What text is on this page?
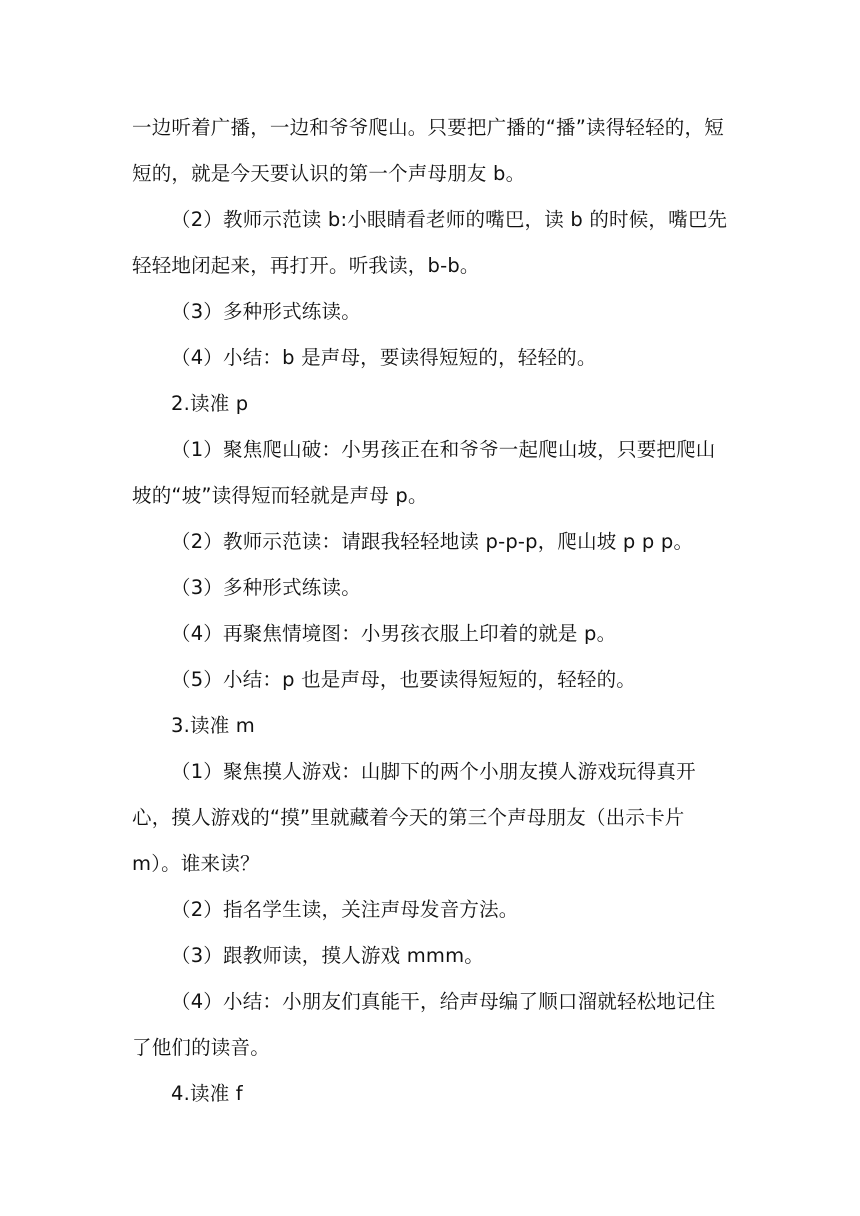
一边听着广播，一边和爷爷爬山。只要把广播的“播”读得轻轻的，短短的，就是今天要认识的第一个声母朋友 b。

（2）教师示范读 b:小眼睛看老师的嘴巴，读 b 的时候，嘴巴先轻轻地闭起来，再打开。听我读，b-b。

（3）多种形式练读。

（4）小结：b 是声母，要读得短短的，轻轻的。

2.读准 p

（1）聚焦爬山破：小男孩正在和爷爷一起爬山坡，只要把爬山坡的“坡”读得短而轻就是声母 p。

（2）教师示范读：请跟我轻轻地读 p-p-p，爬山坡 p p p。

（3）多种形式练读。

（4）再聚焦情境图：小男孩衣服上印着的就是 p。

（5）小结：p 也是声母，也要读得短短的，轻轻的。

3.读准 m

（1）聚焦摸人游戏：山脚下的两个小朋友摸人游戏玩得真开心，摸人游戏的“摸”里就藏着今天的第三个声母朋友（出示卡片 m）。谁来读？

（2）指名学生读，关注声母发音方法。

（3）跟教师读，摸人游戏 mmm。

（4）小结：小朋友们真能干，给声母编了顺口溜就轻松地记住了他们的读音。

4.读准 f
